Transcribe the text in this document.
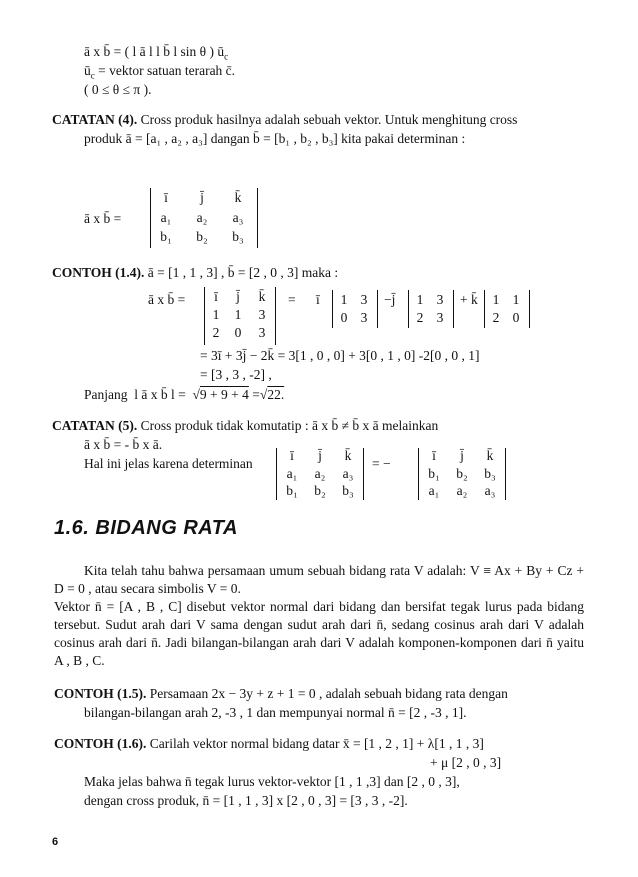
ā x b̄ = ( l ā l l b̄ l sin θ ) $ū_c$
$ū_c$ = vektor satuan terarah c̄.
( 0 ≤ θ ≤ π ).
CATATAN (4). Cross produk hasilnya adalah sebuah vektor. Untuk menghitung cross
produk ā = [a₁ , a₂ , a₃] dangan b̄ = [b₁ , b₂ , b₃] kita pakai determinan :
ā x b̄ =
ī	j̄	k̄
a₁ a₂ a₃
b₁ b₂ b₃
CONTOH (1.4). ā = [1 , 1 , 3] , b̄ = [2 , 0 , 3] maka :
ā x b̄ =	ī	j̄	k̄
1	1	3
2	0	3
= ī	1 3
0 3
−j̄	1 3
2 3
+ k̄	1 1
2 0
= 3ī + 3j̄ − 2k̄ = 3[1 , 0 , 0] + 3[0 , 1 , 0] -2[0 , 0 , 1]
= [3 , 3 , -2] ,
Panjang l ā x b̄ l =  √9 + 9 + 4 =√22.
CATATAN (5). Cross produk tidak komutatip : ā x b̄ ≠ b̄ x ā melainkan
ā x b̄ = - b̄ x ā.
Hal ini jelas karena determinan
ī	j̄	k̄
a₁ a₂ a₃
b₁ b₂ b₃
= −
ī	j̄	k̄
b₁ b₂ b₃
a₁ a₂ a₃
1.6. BIDANG RATA
Kita telah tahu bahwa persamaan umum sebuah bidang rata V adalah: V ≡ Ax + By + Cz + D = 0 , atau secara simbolis V = 0.
Vektor n̄ = [A , B , C] disebut vektor normal dari bidang dan bersifat tegak lurus pada bidang tersebut. Sudut arah dari V sama dengan sudut arah dari n̄, sedang cosinus arah dari V adalah cosinus arah dari n̄. Jadi bilangan-bilangan arah dari V adalah komponen-komponen dari n̄ yaitu A , B , C.
CONTOH (1.5). Persamaan 2x − 3y + z + 1 = 0 , adalah sebuah bidang rata dengan
bilangan-bilangan arah 2, -3 , 1 dan mempunyai normal n̄ = [2 , -3 , 1].
CONTOH (1.6). Carilah vektor normal bidang datar x̄ = [1 , 2 , 1] + λ[1 , 1 , 3]
+ μ [2 , 0 , 3]
Maka jelas bahwa n̄ tegak lurus vektor-vektor [1 , 1 ,3] dan [2 , 0 , 3],
dengan cross produk, n̄ = [1 , 1 , 3] x [2 , 0 , 3] = [3 , 3 , -2].
6
